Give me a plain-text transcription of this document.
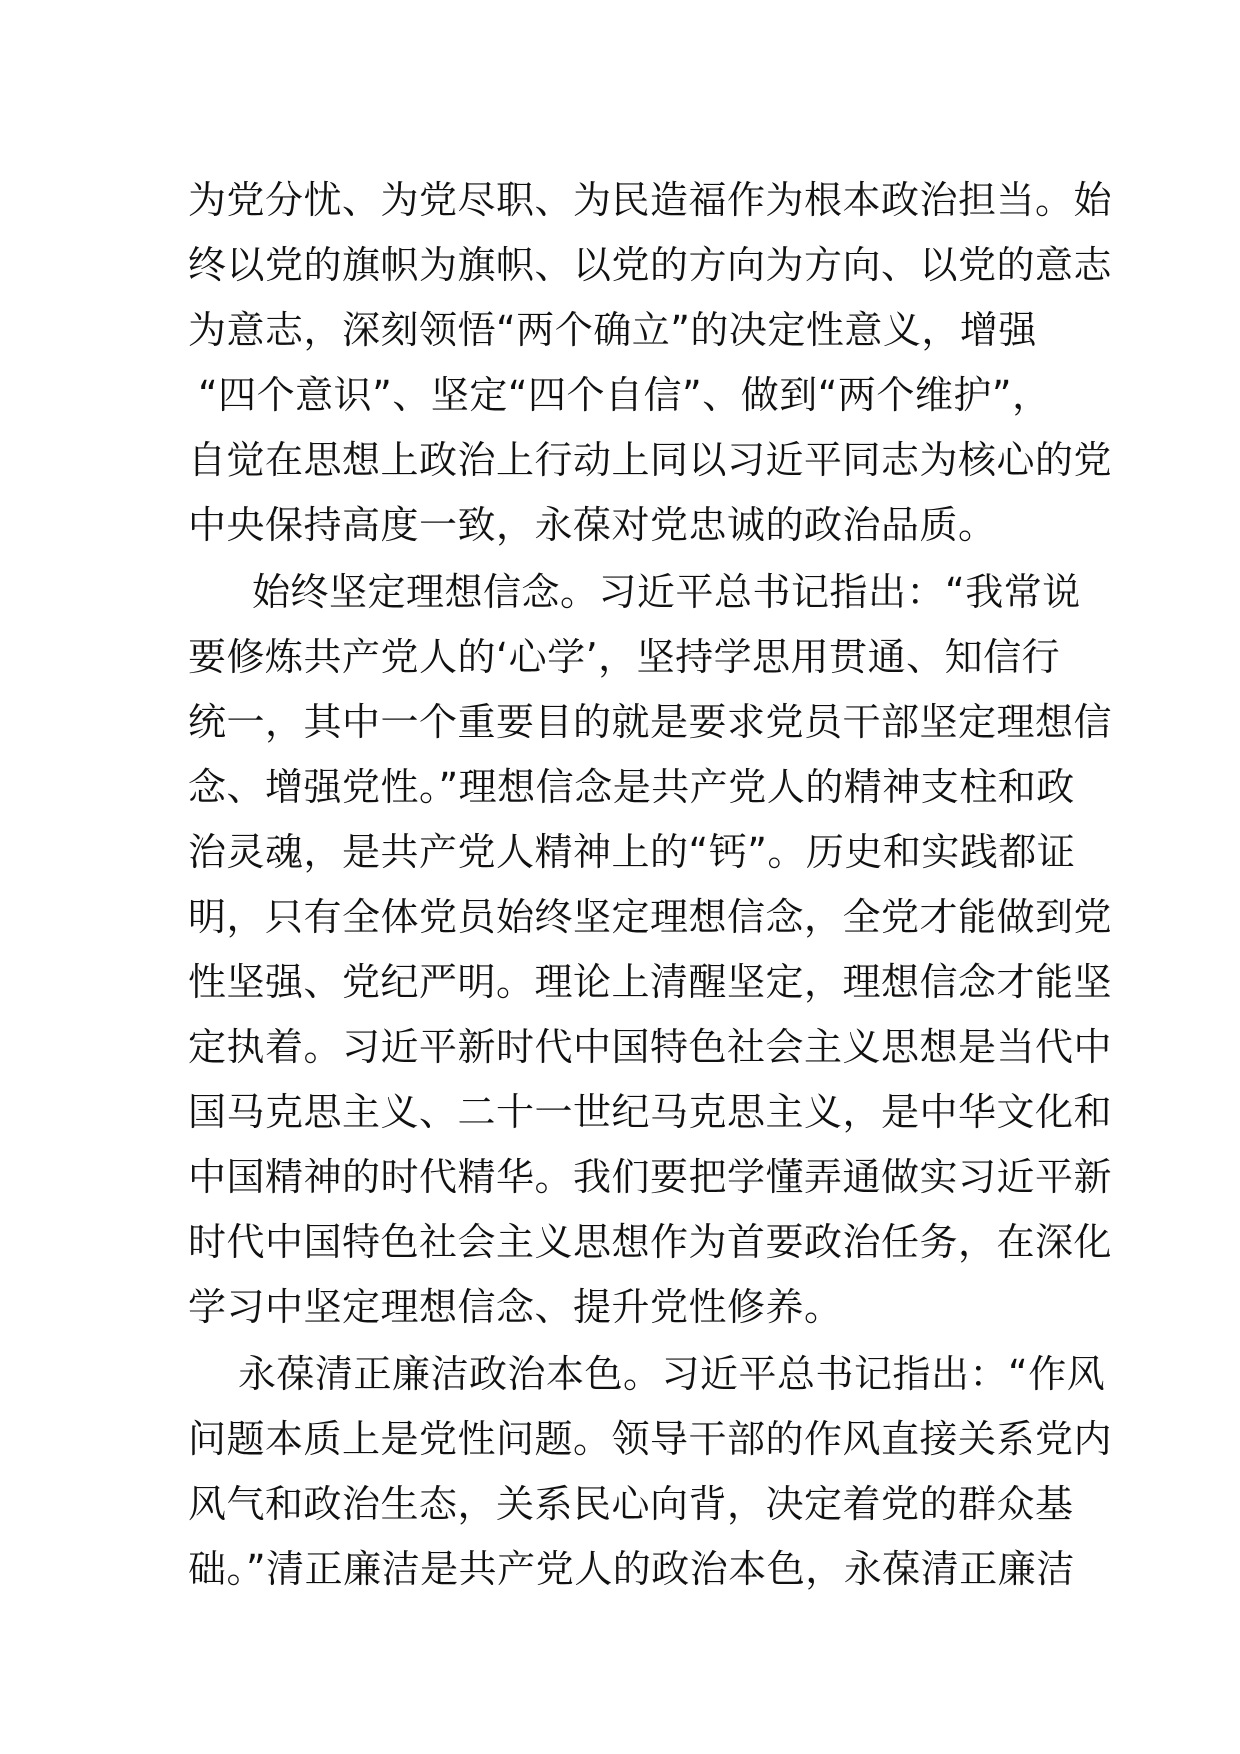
为党分忧、为党尽职、为民造福作为根本政治担当。始
终以党的旗帜为旗帜、以党的方向为方向、以党的意志
为意志，深刻领悟“两个确立”的决定性意义，增强
“四个意识”、坚定“四个自信”、做到“两个维护”，
自觉在思想上政治上行动上同以习近平同志为核心的党
中央保持高度一致，永葆对党忠诚的政治品质。
始终坚定理想信念。习近平总书记指出：“我常说
要修炼共产党人的‘心学’，坚持学思用贯通、知信行
统一，其中一个重要目的就是要求党员干部坚定理想信
念、增强党性。”理想信念是共产党人的精神支柱和政
治灵魂，是共产党人精神上的“钙”。历史和实践都证
明，只有全体党员始终坚定理想信念，全党才能做到党
性坚强、党纪严明。理论上清醒坚定，理想信念才能坚
定执着。习近平新时代中国特色社会主义思想是当代中
国马克思主义、二十一世纪马克思主义，是中华文化和
中国精神的时代精华。我们要把学懂弄通做实习近平新
时代中国特色社会主义思想作为首要政治任务，在深化
学习中坚定理想信念、提升党性修养。
永葆清正廉洁政治本色。习近平总书记指出：“作风
问题本质上是党性问题。领导干部的作风直接关系党内
风气和政治生态，关系民心向背，决定着党的群众基
础。”清正廉洁是共产党人的政治本色，永葆清正廉洁
